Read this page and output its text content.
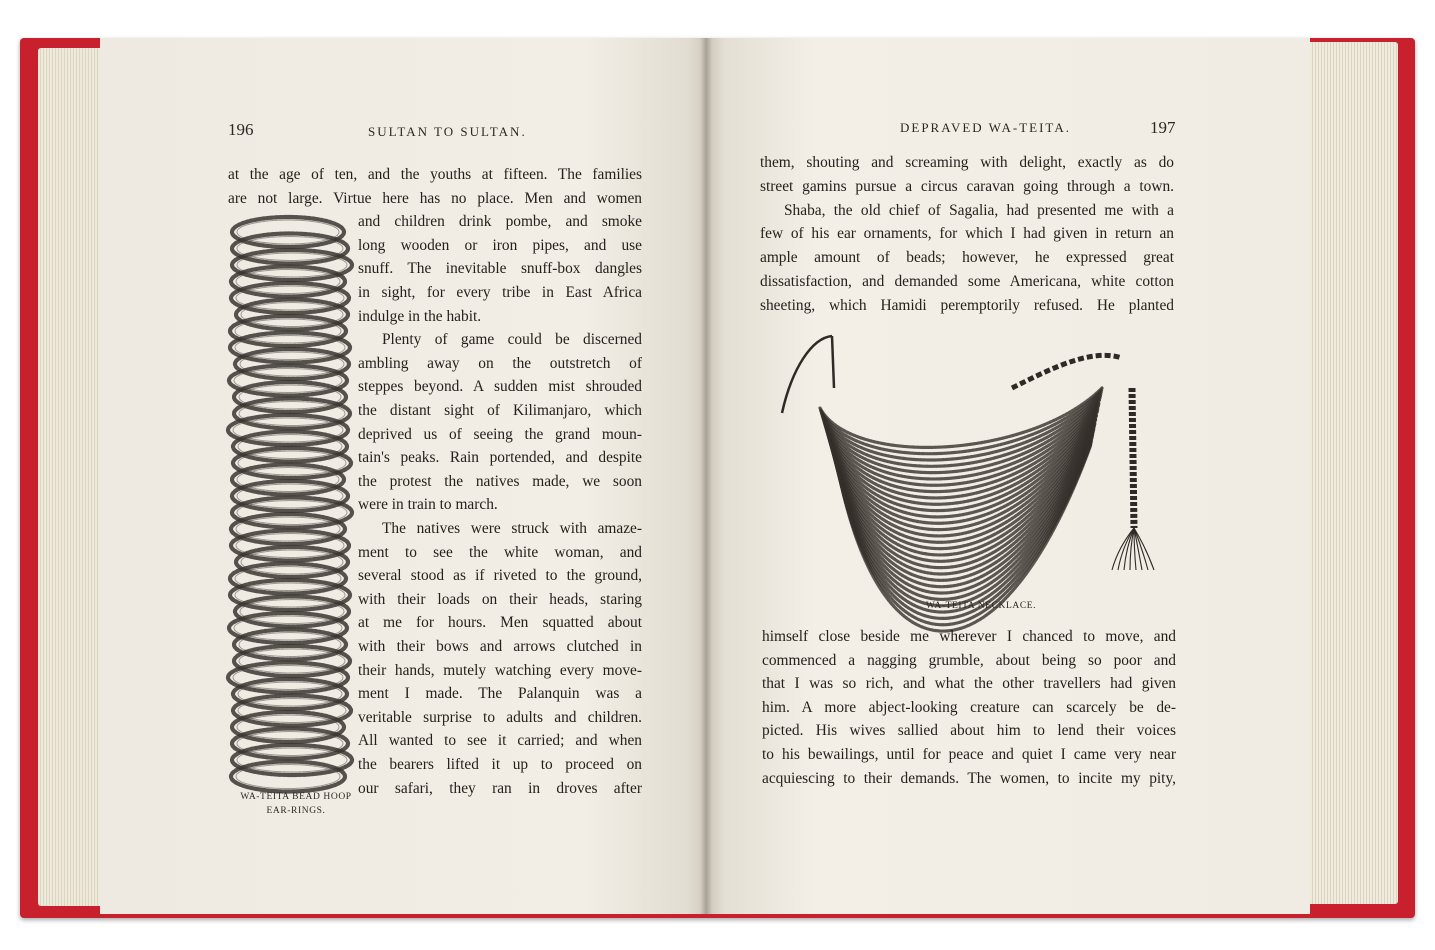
196	SULTAN TO SULTAN.
at the age of ten, and the youths at fifteen. The families
are not large. Virtue here has no place. Men and women
and children drink pombe, and smoke
long wooden or iron pipes, and use
snuff. The inevitable snuff-box dangles
in sight, for every tribe in East Africa
indulge in the habit.
Plenty of game could be discerned
ambling away on the outstretch of
steppes beyond. A sudden mist shrouded
the distant sight of Kilimanjaro, which
deprived us of seeing the grand moun-
tain's peaks. Rain portended, and despite
the protest the natives made, we soon
were in train to march.
The natives were struck with amaze-
ment to see the white woman, and
several stood as if riveted to the ground,
with their loads on their heads, staring
at me for hours. Men squatted about
with their bows and arrows clutched in
their hands, mutely watching every move-
ment I made. The Palanquin was a
veritable surprise to adults and children.
All wanted to see it carried; and when
the bearers lifted it up to proceed on
our safari, they ran in droves after
WA-TEITA BEAD HOOP
EAR-RINGS.
DEPRAVED WA-TEITA.	197
them, shouting and screaming with delight, exactly as do
street gamins pursue a circus caravan going through a town.
Shaba, the old chief of Sagalia, had presented me with a
few of his ear ornaments, for which I had given in return an
ample amount of beads; however, he expressed great
dissatisfaction, and demanded some Americana, white cotton
sheeting, which Hamidi peremptorily refused. He planted
WA-TEITA NECKLACE.
himself close beside me wherever I chanced to move, and
commenced a nagging grumble, about being so poor and
that I was so rich, and what the other travellers had given
him. A more abject-looking creature can scarcely be de-
picted. His wives sallied about him to lend their voices
to his bewailings, until for peace and quiet I came very near
acquiescing to their demands. The women, to incite my pity,
